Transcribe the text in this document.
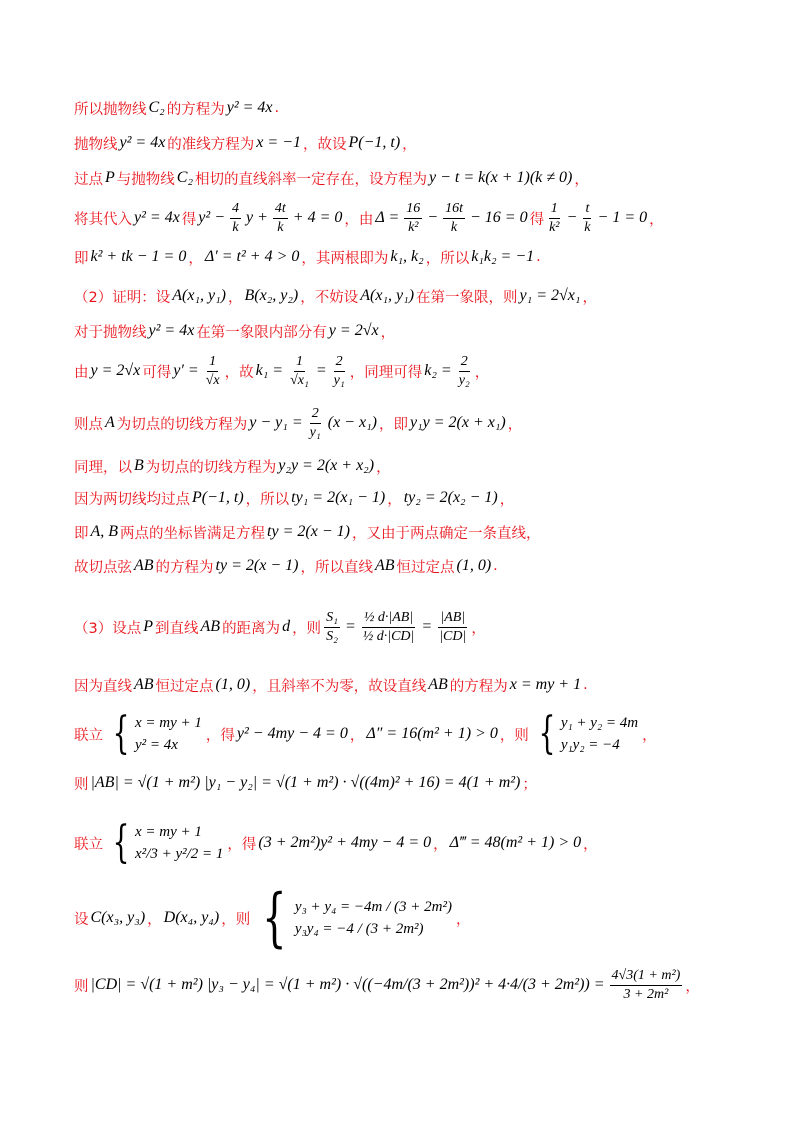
所以抛物线 C₂ 的方程为 y² = 4x .
抛物线 y² = 4x 的准线方程为 x = −1 ，故设 P(−1, t) ，
过点 P 与抛物线 C₂ 相切的直线斜率一定存在，设方程为 y − t = k(x + 1)(k ≠ 0) ，
将其代入 y² = 4x 得 $y^2 - \frac{4}{k}$ $y + \frac{4t}{k} + 4 = 0$ ，由 $\Delta = \frac{16}{\text{k²}} - \frac{16t}{k} - 16 = 0$ 得 $\frac{1}{\text{k²}} - \frac{t}{k} - 1 = 0$ ，
即 k² + tk − 1 = 0 ， Δ′ = t² + 4 > 0 ，其两根即为 k₁, k₂ ，所以 k₁k₂ = −1 .
（2）证明：设 A(x₁, y₁) ， B(x₂, y₂) ，不妨设 A(x₁, y₁) 在第一象限，则 y₁ = 2√x₁ ，
对于抛物线 y² = 4x 在第一象限内部分有 y = 2√x ，
由 y = 2√x 可得 $y' = \frac{1}{√x}$ ，故 $k_1 = \frac{1}{\text{√x₁}} = \frac{2}{\text{y₁}}$ ，同理可得 $k_2 = \frac{2}{\text{y₂}}$ ，
则点 A 为切点的切线方程为 $y - y_1 = \frac{2}{\text{y₁}} (x - x_1)$ ，即 y₁y = 2(x + x₁) ，
同理，以 B 为切点的切线方程为 y₂y = 2(x + x₂) ，
因为两切线均过点 P(−1, t) ，所以 ty₁ = 2(x₁ − 1) ， ty₂ = 2(x₂ − 1) ，
即 A, B 两点的坐标皆满足方程 ty = 2(x − 1) ，又由于两点确定一条直线，
故切点弦 AB 的方程为 ty = 2(x − 1) ，所以直线 AB 恒过定点 (1, 0) .
（3）设点 P 到直线 AB 的距离为 d ，则 $\frac{\text{S₁}}{\text{S₂}} = \frac{\text{½ d·|AB|}}{\text{½ d·|CD|}} = \frac{|AB|}{|CD|}$ ，
因为直线 AB 恒过定点 (1, 0) ，且斜率不为零，故设直线 AB 的方程为 x = my + 1 .
联立 { x = my + 1
y² = 4x
，得 y² − 4my − 4 = 0 ， Δ″ = 16(m² + 1) > 0 ，则 { y₁ + y₂ = 4m
y₁y₂ = −4
，
则 |AB| = √(1 + m²) |y₁ − y₂| = √(1 + m²) · √((4m)² + 16) = 4(1 + m²) ；
联立 { x = my + 1
x²/3 + y²/2 = 1
，得 (3 + 2m²)y² + 4my − 4 = 0 ， Δ‴ = 48(m² + 1) > 0 ，
设 C(x₃, y₃) ， D(x₄, y₄) ，则 { y₃ + y₄ = −4m / (3 + 2m²)
y₃y₄ = −4 / (3 + 2m²)
，
则 |CD| = √(1 + m²) $|y_3 - y_4| = √(1 + m^2) \cdot √((-4m/(3 + 2m^2))^2 + 4\cdot 4/(3 + 2m^2)) = \frac{\text{4√3(1 + m²)}}{\text{3 + 2m²}}$ ，
